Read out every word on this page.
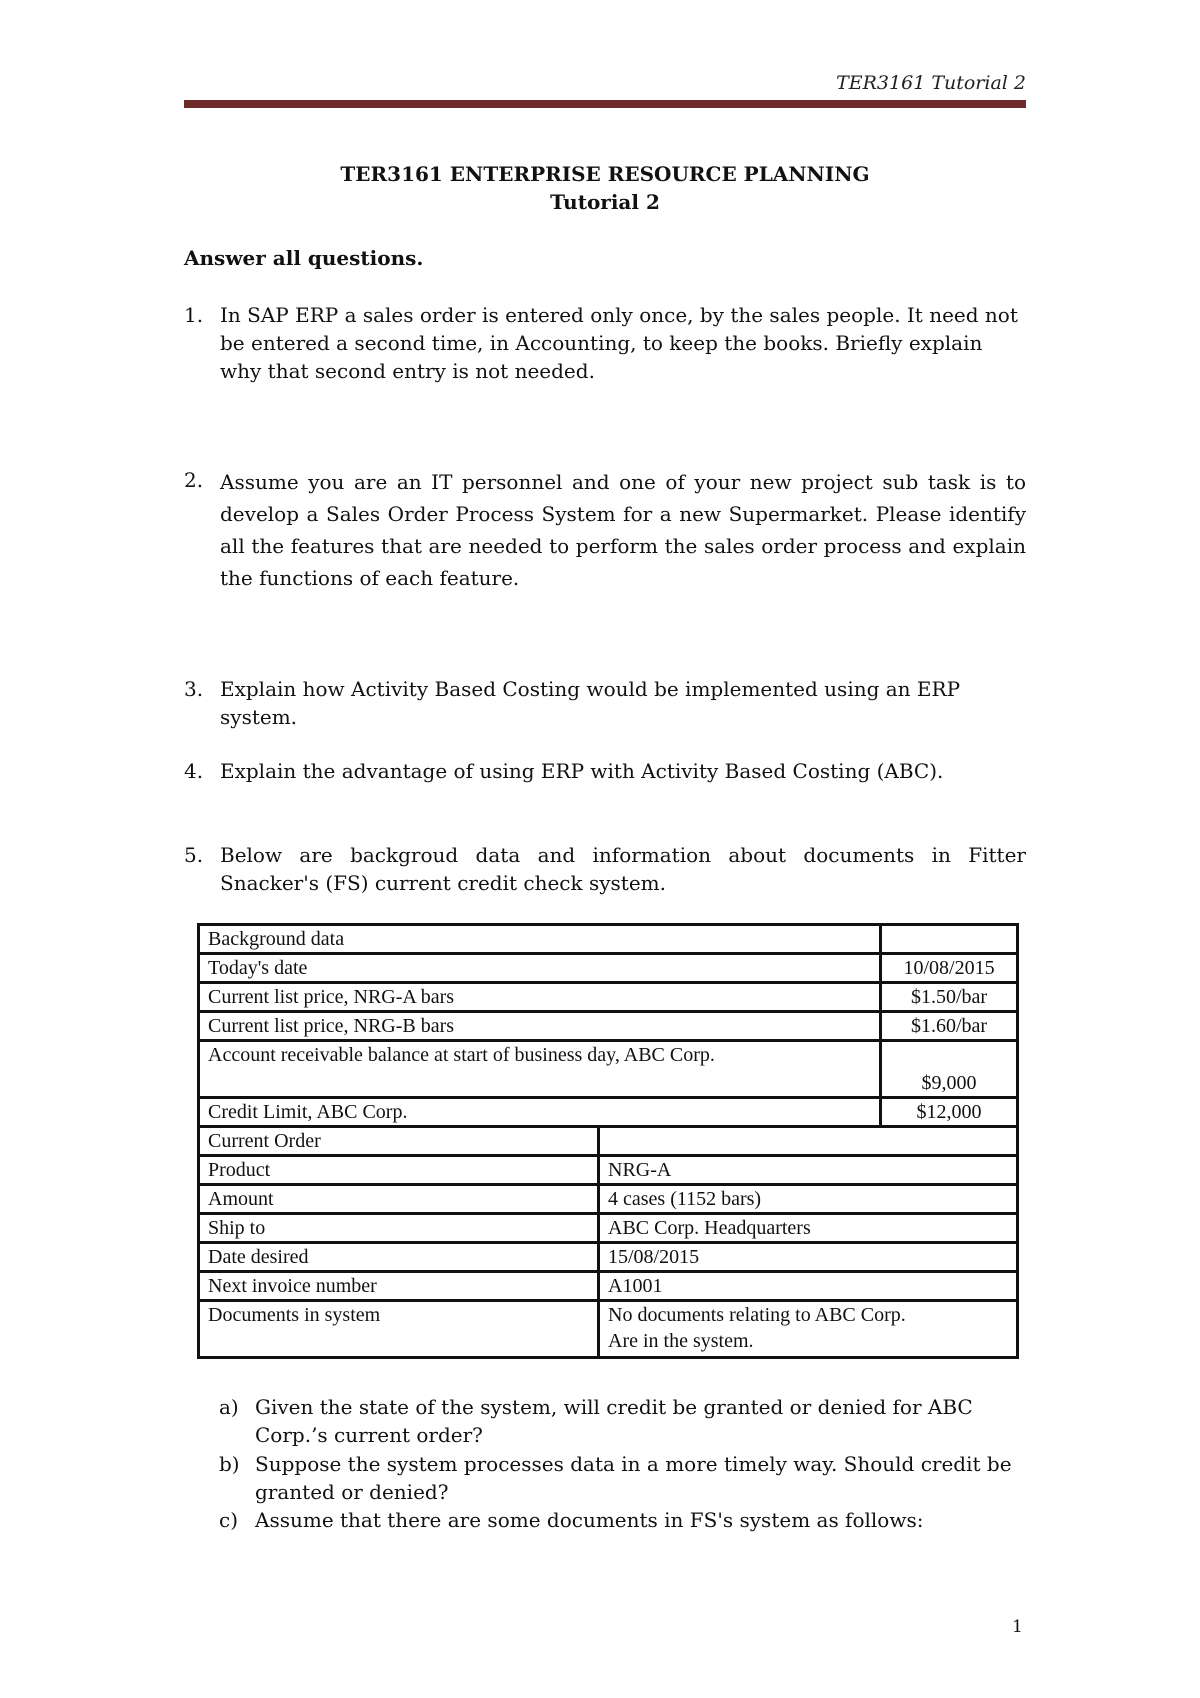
TER3161 Tutorial 2
TER3161 ENTERPRISE RESOURCE PLANNING
Tutorial 2
Answer all questions.
1. In SAP ERP a sales order is entered only once, by the sales people. It need not be entered a second time, in Accounting, to keep the books. Briefly explain why that second entry is not needed.
2. Assume you are an IT personnel and one of your new project sub task is to develop a Sales Order Process System for a new Supermarket. Please identify all the features that are needed to perform the sales order process and explain the functions of each feature.
3. Explain how Activity Based Costing would be implemented using an ERP system.
4. Explain the advantage of using ERP with Activity Based Costing (ABC).
5. Below are backgroud data and information about documents in Fitter Snacker's (FS) current credit check system.
Background data		
Today's date		10/08/2015
Current list price, NRG-A bars		$1.50/bar
Current list price, NRG-B bars		$1.60/bar
Account receivable balance at start of business day, ABC Corp.		$9,000
Credit Limit, ABC Corp.		$12,000
Current Order		
Product	NRG-A	
Amount	4 cases (1152 bars)	
Ship to	ABC Corp. Headquarters	
Date desired	15/08/2015	
Next invoice number	A1001	
Documents in system	No documents relating to ABC Corp.
Are in the system.	
a) Given the state of the system, will credit be granted or denied for ABC Corp.’s current order?
b) Suppose the system processes data in a more timely way. Should credit be granted or denied?
c) Assume that there are some documents in FS's system as follows:
1
